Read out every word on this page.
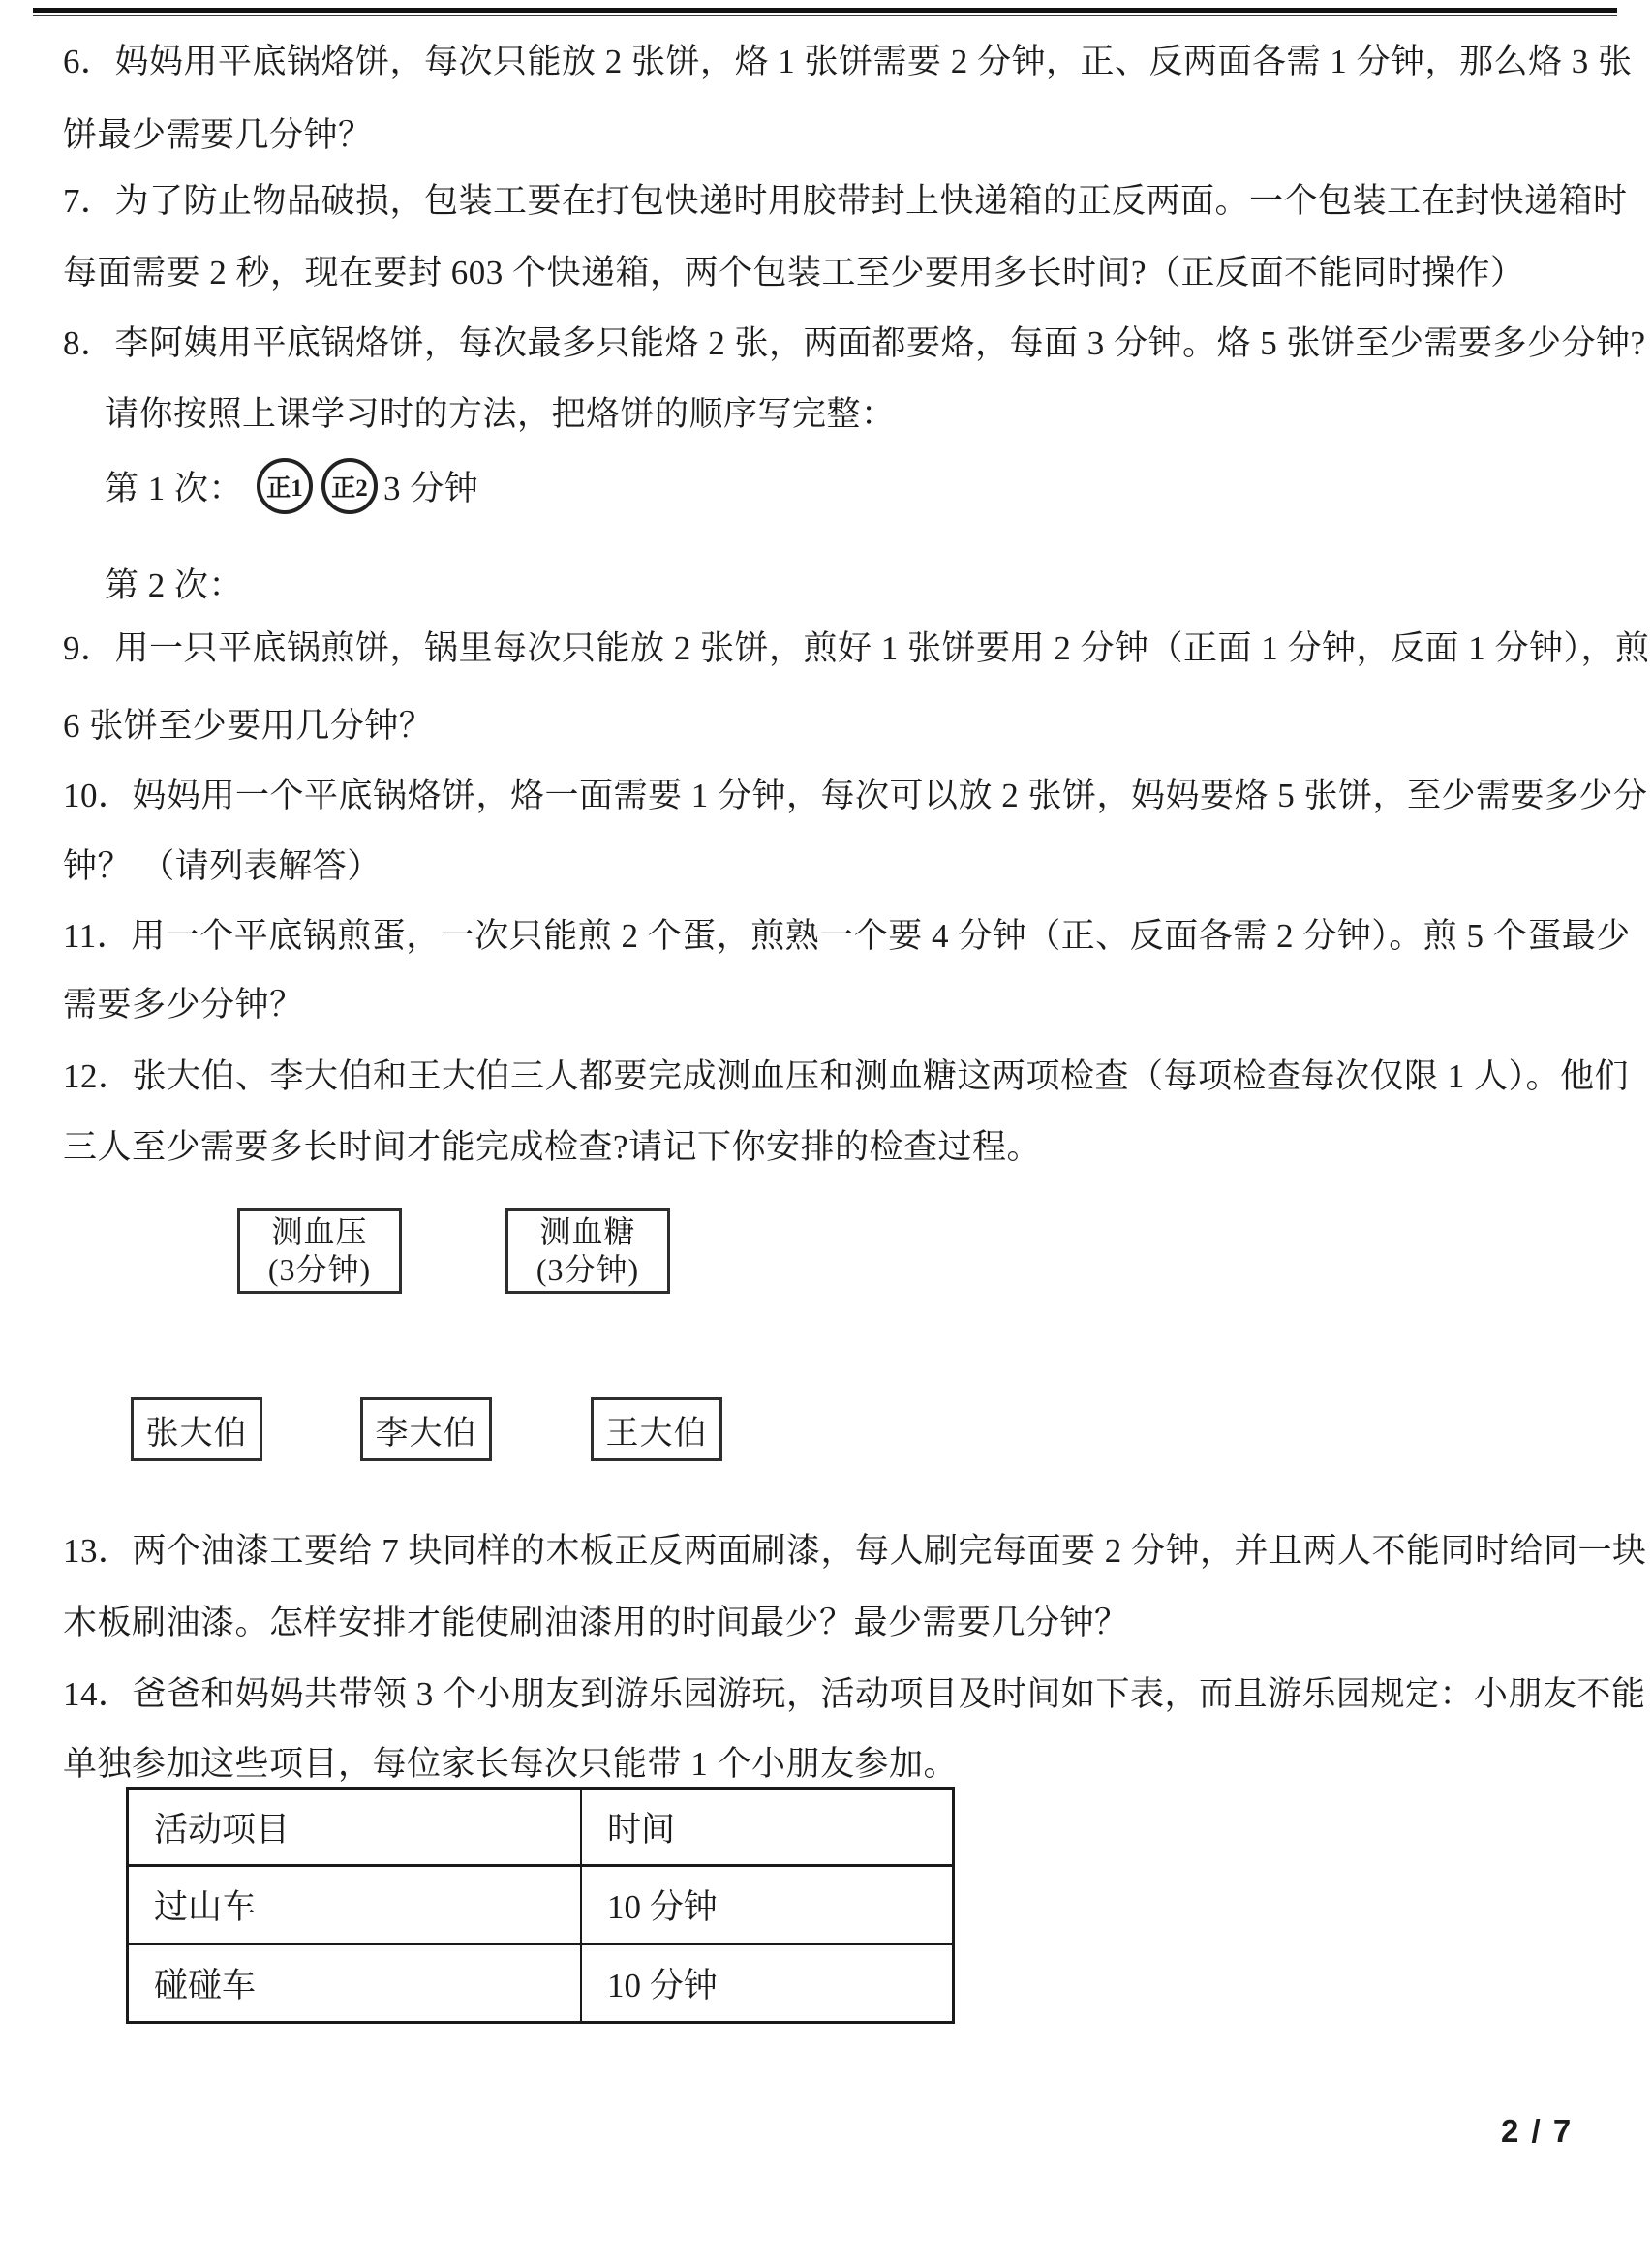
6．妈妈用平底锅烙饼，每次只能放 2 张饼，烙 1 张饼需要 2 分钟，正、反两面各需 1 分钟，那么烙 3 张
饼最少需要几分钟？
7．为了防止物品破损，包装工要在打包快递时用胶带封上快递箱的正反两面。一个包装工在封快递箱时
每面需要 2 秒，现在要封 603 个快递箱，两个包装工至少要用多长时间?（正反面不能同时操作）
8．李阿姨用平底锅烙饼，每次最多只能烙 2 张，两面都要烙，每面 3 分钟。烙 5 张饼至少需要多少分钟?
请你按照上课学习时的方法，把烙饼的顺序写完整：
第 1 次： 正1	正2 3 分钟
第 2 次：
9．用一只平底锅煎饼，锅里每次只能放 2 张饼，煎好 1 张饼要用 2 分钟（正面 1 分钟，反面 1 分钟），煎
6 张饼至少要用几分钟？
10．妈妈用一个平底锅烙饼，烙一面需要 1 分钟，每次可以放 2 张饼，妈妈要烙 5 张饼，至少需要多少分
钟？ （请列表解答）
11．用一个平底锅煎蛋，一次只能煎 2 个蛋，煎熟一个要 4 分钟（正、反面各需 2 分钟）。煎 5 个蛋最少
需要多少分钟？
12．张大伯、李大伯和王大伯三人都要完成测血压和测血糖这两项检查（每项检查每次仅限 1 人）。他们
三人至少需要多长时间才能完成检查?请记下你安排的检查过程。
测血压
(3分钟)
测血糖
(3分钟)
张大伯	李大伯	王大伯
13．两个油漆工要给 7 块同样的木板正反两面刷漆，每人刷完每面要 2 分钟，并且两人不能同时给同一块
木板刷油漆。怎样安排才能使刷油漆用的时间最少？最少需要几分钟？
14．爸爸和妈妈共带领 3 个小朋友到游乐园游玩，活动项目及时间如下表，而且游乐园规定：小朋友不能
单独参加这些项目，每位家长每次只能带 1 个小朋友参加。
活动项目	时间
过山车	10 分钟
碰碰车	10 分钟
2 / 7
